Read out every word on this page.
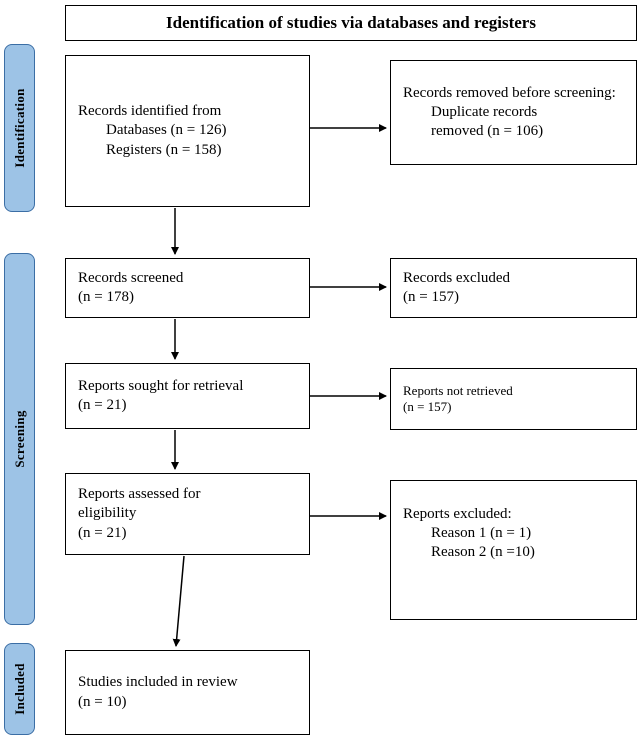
Identification of studies via databases and registers
Identification
Screening
Included
Records identified from
Databases (n = 126)
Registers (n = 158)
Records screened
(n = 178)
Reports sought for retrieval
(n = 21)
Reports assessed for
eligibility
(n = 21)
Studies included in review
(n = 10)
Records removed before screening:
Duplicate records
removed (n = 106)
Records excluded
(n = 157)
Reports not retrieved
(n = 157)
Reports excluded:
Reason 1 (n = 1)
Reason 2 (n =10)
